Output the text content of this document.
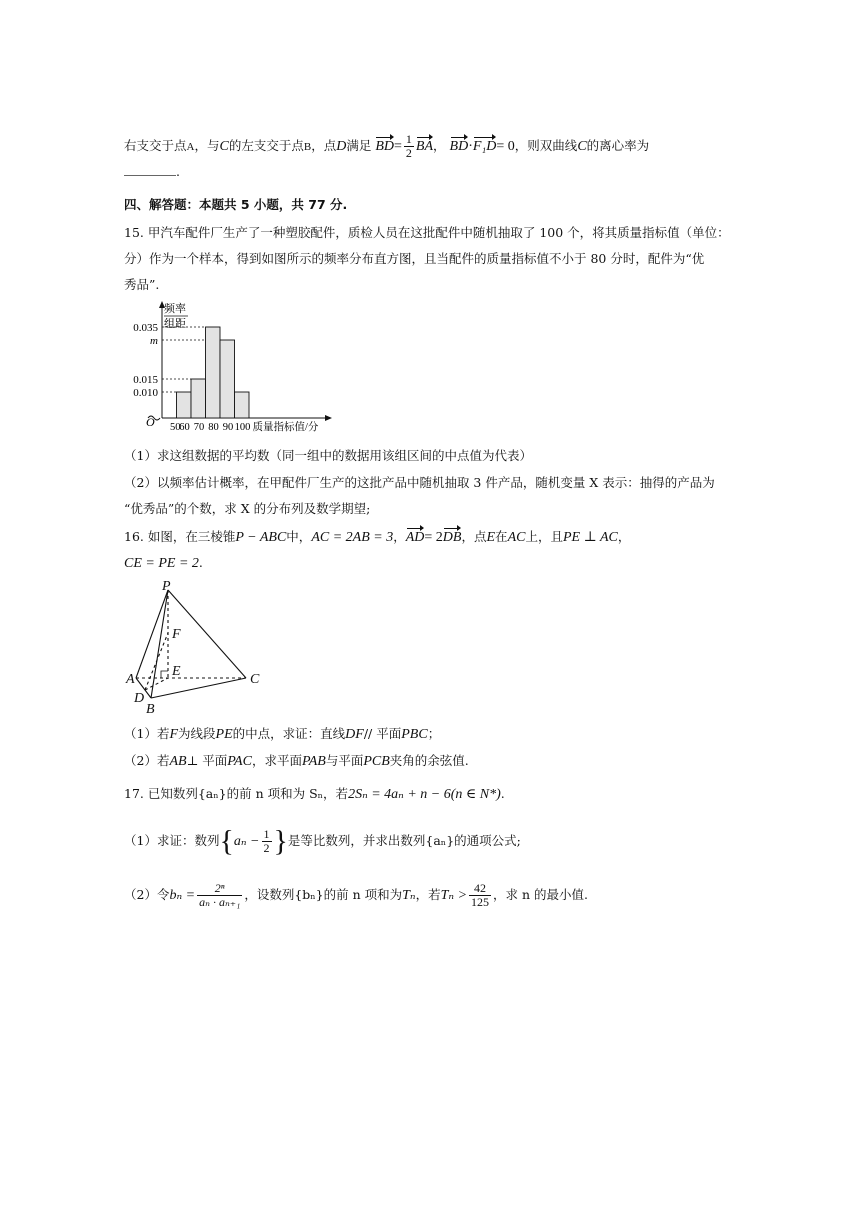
右支交于点A，与C的左支交于点B，点D满足 $BD= \frac{1}{2}$ BA， BD·F₁D= 0，则双曲线C的离心率为
.
四、解答题：本题共 5 小题，共 77 分.
15. 甲汽车配件厂生产了一种塑胶配件，质检人员在这批配件中随机抽取了 100 个，将其质量指标值（单位：
分）作为一个样本，得到如图所示的频率分布直方图，且当配件的质量指标值不小于 80 分时，配件为“优
秀品”.
0.035
m
0.015
0.010
频率
组距
50
60 70 80 90 100 质量指标值/分
O
（1）求这组数据的平均数（同一组中的数据用该组区间的中点值为代表）
（2）以频率估计概率，在甲配件厂生产的这批产品中随机抽取 3 件产品，随机变量 X 表示：抽得的产品为
“优秀品”的个数，求 X 的分布列及数学期望;
16. 如图，在三棱锥P − ABC中，AC = 2AB = 3，AD= 2DB，点E在AC上，且PE ⊥ AC，
CE = PE = 2.
P
F
A
E
C
D
B
（1）若F为线段PE的中点，求证：直线DF// 平面PBC；
（2）若AB⊥ 平面PAC，求平面PAB与平面PCB夹角的余弦值.
17. 已知数列{aₙ}的前 n 项和为 Sₙ，若2Sₙ = 4aₙ + n − 6(n ∈ N*).
（1）求证：数列{$a_n - \frac{1}{2}$ }是等比数列，并求出数列{aₙ}的通项公式;
（2）令$b_n = \frac{\text{2ⁿ}}{\text{aₙ · aₙ₊₁}}$ ，设数列{bₙ}的前 n 项和为Tₙ，若$T_n > \frac{42}{125}$ ，求 n 的最小值.
